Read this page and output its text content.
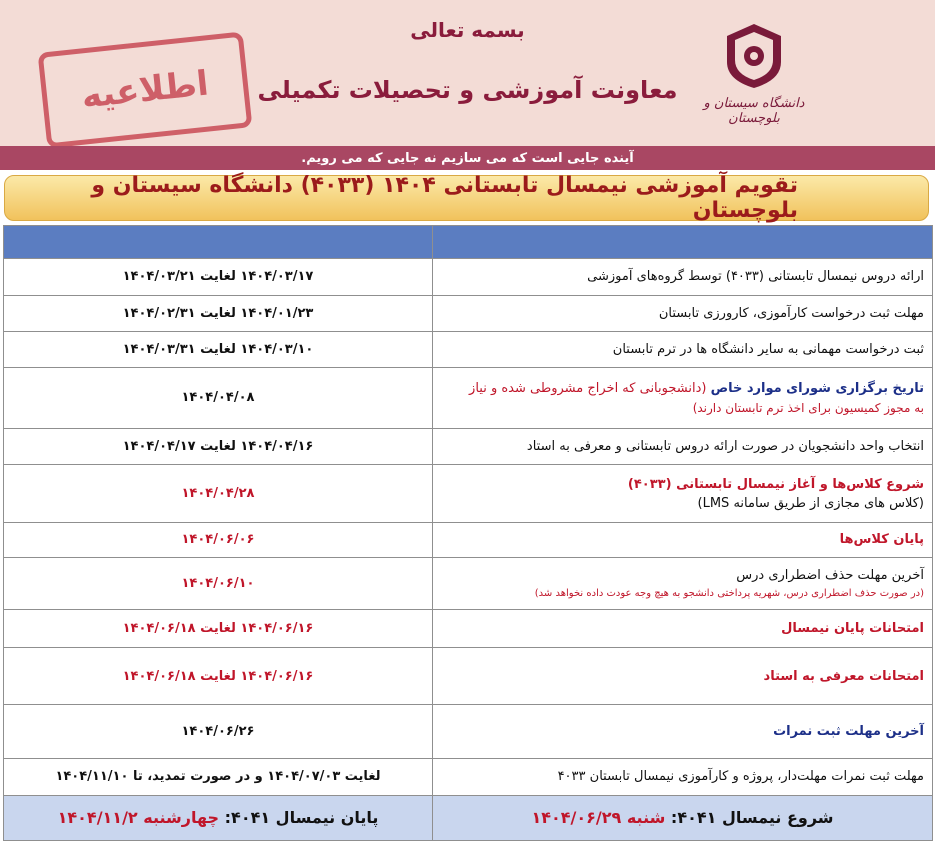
بسمه تعالی
معاونت آموزشی و تحصیلات تکمیلی
اطلاعیه	دانشگاه سیستان و بلوچستان
آینده جایی است که می سازیم نه جایی که می رویم.
تقویم آموزشی نیمسال تابستانی ۱۴۰۴ (۴۰۳۳) دانشگاه سیستان و بلوچستان

ارائه دروس نیمسال تابستانی (۴۰۳۳) توسط گروه‌های آموزشی	۱۴۰۴/۰۳/۱۷ لغایت ۱۴۰۴/۰۳/۲۱
مهلت ثبت درخواست کارآموزی، کارورزی تابستان	۱۴۰۴/۰۱/۲۳ لغایت ۱۴۰۴/۰۲/۳۱
ثبت درخواست مهمانی به سایر دانشگاه ها در ترم تابستان	۱۴۰۴/۰۳/۱۰ لغایت ۱۴۰۴/۰۳/۳۱
تاریخ برگزاری شورای موارد خاص (دانشجوبانی که اخراج مشروطی شده و نیاز
به مجوز کمیسیون برای اخذ ترم تابستان دارند)	۱۴۰۴/۰۴/۰۸
انتخاب واحد دانشجویان در صورت ارائه دروس تابستانی و معرفی به استاد	۱۴۰۴/۰۴/۱۶ لغایت ۱۴۰۴/۰۴/۱۷
شروع کلاس‌ها و آغاز نیمسال تابستانی (۴۰۳۳)
(کلاس های مجازی از طریق سامانه LMS)	۱۴۰۴/۰۴/۲۸
پایان کلاس‌ها	۱۴۰۴/۰۶/۰۶
آخرین مهلت حذف اضطراری درس
(در صورت حذف اضطراری درس، شهریه پرداختی دانشجو به هیچ وجه عودت داده نخواهد شد)	۱۴۰۴/۰۶/۱۰
امتحانات پایان نیمسال	۱۴۰۴/۰۶/۱۶ لغایت ۱۴۰۴/۰۶/۱۸
امتحانات معرفی به استاد	۱۴۰۴/۰۶/۱۶ لغایت ۱۴۰۴/۰۶/۱۸
آخرین مهلت ثبت نمرات	۱۴۰۴/۰۶/۲۶
مهلت ثبت نمرات مهلت‌دار، پروژه و کارآموزی نیمسال تابستان ۴۰۳۳	لغایت ۱۴۰۴/۰۷/۰۳ و در صورت تمدید، تا ۱۴۰۴/۱۱/۱۰
شروع نیمسال ۴۰۴۱: شنبه ۱۴۰۴/۰۶/۲۹	پایان نیمسال ۴۰۴۱: چهارشنبه ۱۴۰۴/۱۱/۲
